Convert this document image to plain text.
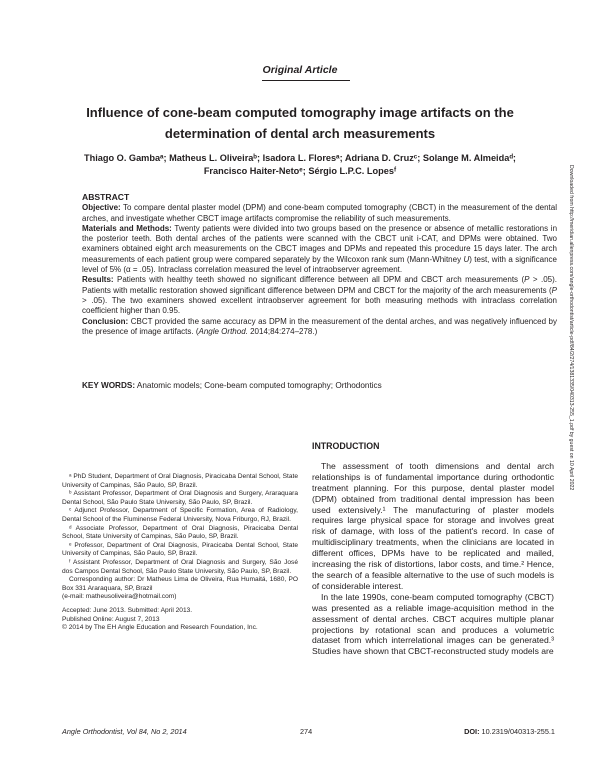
Original Article
Influence of cone-beam computed tomography image artifacts on the
determination of dental arch measurements
Thiago O. Gambaᵃ; Matheus L. Oliveiraᵇ; Isadora L. Floresᵃ; Adriana D. Cruzᶜ; Solange M. Almeidaᵈ;
Francisco Haiter-Netoᵉ; Sérgio L.P.C. Lopesᶠ

ABSTRACT

Objective: To compare dental plaster model (DPM) and cone-beam computed tomography (CBCT) in the measurement of the dental arches, and investigate whether CBCT image artifacts compromise the reliability of such measurements.

Materials and Methods: Twenty patients were divided into two groups based on the presence or absence of metallic restorations in the posterior teeth. Both dental arches of the patients were scanned with the CBCT unit i-CAT, and DPMs were obtained. Two examiners obtained eight arch measurements on the CBCT images and DPMs and repeated this procedure 15 days later. The arch measurements of each patient group were compared separately by the Wilcoxon rank sum (Mann-Whitney U) test, with a significance level of 5% (α = .05). Intraclass correlation measured the level of intraobserver agreement.

Results: Patients with healthy teeth showed no significant difference between all DPM and CBCT arch measurements (P > .05). Patients with metallic restoration showed significant difference between DPM and CBCT for the majority of the arch measurements (P > .05). The two examiners showed excellent intraobserver agreement for both measuring methods with intraclass correlation coefficient higher than 0.95.

Conclusion: CBCT provided the same accuracy as DPM in the measurement of the dental arches, and was negatively influenced by the presence of image artifacts. (Angle Orthod. 2014;84:274–278.)

KEY WORDS: Anatomic models; Cone-beam computed tomography; Orthodontics	Downloaded from http://meridian.allenpress.com/angle-orthodontist/article-pdf/84/2/274/1381335/040313-255_1.pdf by guest on 10 April 2022

ᵃ PhD Student, Department of Oral Diagnosis, Piracicaba Dental School, State University of Campinas, São Paulo, SP, Brazil.

ᵇ Assistant Professor, Department of Oral Diagnosis and Surgery, Araraquara Dental School, São Paulo State University, São Paulo, SP, Brazil.

ᶜ Adjunct Professor, Department of Specific Formation, Area of Radiology, Dental School of the Fluminense Federal University, Nova Friburgo, RJ, Brazil.

ᵈ Associate Professor, Department of Oral Diagnosis, Piracicaba Dental School, State University of Campinas, São Paulo, SP, Brazil.

ᵉ Professor, Department of Oral Diagnosis, Piracicaba Dental School, State University of Campinas, São Paulo, SP, Brazil.

ᶠ Assistant Professor, Department of Oral Diagnosis and Surgery, São José dos Campos Dental School, São Paulo State University, São Paulo, SP, Brazil.

Corresponding author: Dr Matheus Lima de Oliveira, Rua Humaitá, 1680, PO Box 331 Araraquara, SP, Brazil

(e-mail: matheusoliveira@hotmail.com)

Accepted: June 2013. Submitted: April 2013.

Published Online: August 7, 2013

© 2014 by The EH Angle Education and Research Foundation, Inc.

INTRODUCTION

The assessment of tooth dimensions and dental arch relationships is of fundamental importance during orthodontic treatment planning. For this purpose, dental plaster model (DPM) obtained from traditional dental impression has been used extensively.¹ The manufacturing of plaster models requires large physical space for storage and involves great risk of damage, with loss of the patient's record. In case of multidisciplinary treatments, when the clinicians are located in different offices, DPMs have to be replicated and mailed, increasing the risk of distortions, labor costs, and time.² Hence, the search of a feasible alternative to the use of such models is of considerable interest.

In the late 1990s, cone-beam computed tomography (CBCT) was presented as a reliable image-acquisition method in the assessment of dental arches. CBCT acquires multiple planar projections by rotational scan and produces a volumetric dataset from which interrelational images can be generated.³ Studies have shown that CBCT-reconstructed study models are

Angle Orthodontist, Vol 84, No 2, 2014	274	DOI: 10.2319/040313-255.1
